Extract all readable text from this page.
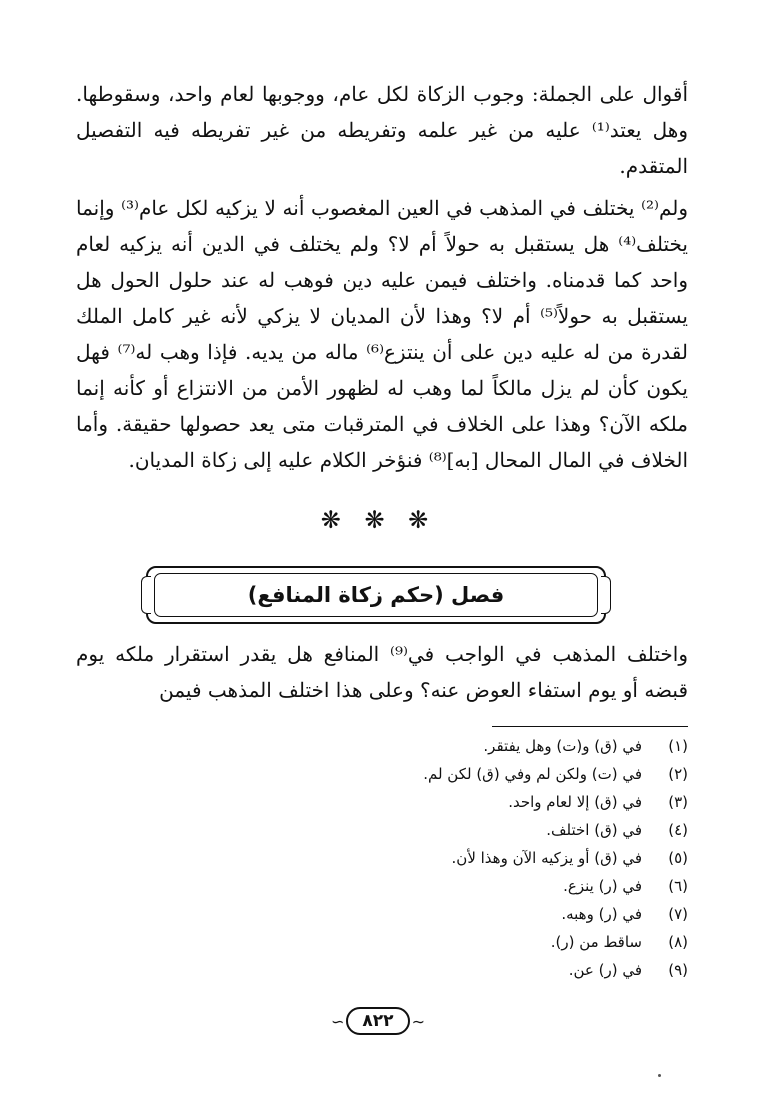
أقوال على الجملة: وجوب الزكاة لكل عام، ووجوبها لعام واحد، وسقوطها. وهل يعتد⁽¹⁾ عليه من غير علمه وتفريطه من غير تفريطه فيه التفصيل المتقدم.

ولم⁽²⁾ يختلف في المذهب في العين المغصوب أنه لا يزكيه لكل عام⁽³⁾ وإنما يختلف⁽⁴⁾ هل يستقبل به حولاً أم لا؟ ولم يختلف في الدين أنه يزكيه لعام واحد كما قدمناه. واختلف فيمن عليه دين فوهب له عند حلول الحول هل يستقبل به حولاً⁽⁵⁾ أم لا؟ وهذا لأن المديان لا يزكي لأنه غير كامل الملك لقدرة من له عليه دين على أن ينتزع⁽⁶⁾ ماله من يديه. فإذا وهب له⁽⁷⁾ فهل يكون كأن لم يزل مالكاً لما وهب له لظهور الأمن من الانتزاع أو كأنه إنما ملكه الآن؟ وهذا على الخلاف في المترقبات متى يعد حصولها حقيقة. وأما الخلاف في المال المحال [به]⁽⁸⁾ فنؤخر الكلام عليه إلى زكاة المديان.

❋ ❋ ❋
فصل (حكم زكاة المنافع)

واختلف المذهب في الواجب في⁽⁹⁾ المنافع هل يقدر استقرار ملكه يوم قبضه أو يوم استفاء العوض عنه؟ وعلى هذا اختلف المذهب فيمن

(١)
في (ق) و(ت) وهل يفتقر.
(٢)
في (ت) ولكن لم وفي (ق) لكن لم.
(٣)
في (ق) إلا لعام واحد.
(٤)
في (ق) اختلف.
(٥)
في (ق) أو يزكيه الآن وهذا لأن.
(٦)
في (ر) ينزع.
(٧)
في (ر) وهبه.
(٨)
ساقط من (ر).
(٩)
في (ر) عن.
∽	٨٢٢	∼
